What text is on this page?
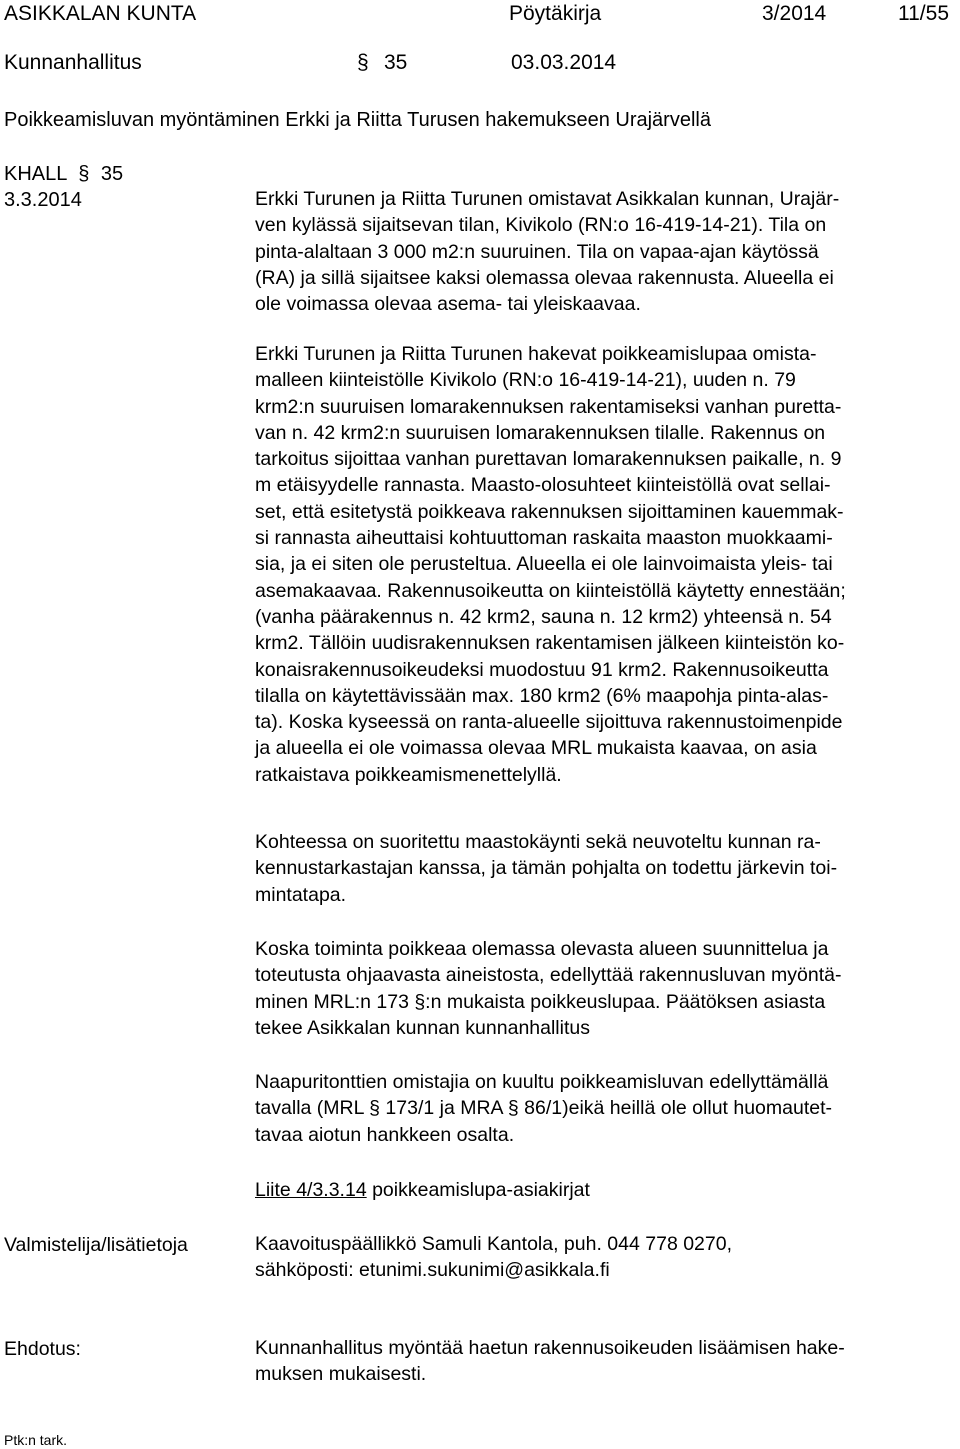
ASIKKALAN KUNTA	Pöytäkirja	3/2014	11/55
Kunnanhallitus	§ 35	03.03.2014
Poikkeamisluvan myöntäminen Erkki ja Riitta Turusen hakemukseen Urajärvellä
KHALL § 35
3.3.2014	Erkki Turunen ja Riitta Turunen omistavat Asikkalan kunnan, Urajär-
ven kylässä sijaitsevan tilan, Kivikolo (RN:o 16-419-14-21). Tila on
pinta-alaltaan 3 000 m2:n suuruinen. Tila on vapaa-ajan käytössä
(RA) ja sillä sijaitsee kaksi olemassa olevaa rakennusta. Alueella ei
ole voimassa olevaa asema- tai yleiskaavaa.
Erkki Turunen ja Riitta Turunen hakevat poikkeamislupaa omista-
malleen kiinteistölle Kivikolo (RN:o 16-419-14-21), uuden n. 79
krm2:n suuruisen lomarakennuksen rakentamiseksi vanhan puretta-
van n. 42 krm2:n suuruisen lomarakennuksen tilalle. Rakennus on
tarkoitus sijoittaa vanhan purettavan lomarakennuksen paikalle, n. 9
m etäisyydelle rannasta. Maasto-olosuhteet kiinteistöllä ovat sellai-
set, että esitetystä poikkeava rakennuksen sijoittaminen kauemmak-
si rannasta aiheuttaisi kohtuuttoman raskaita maaston muokkaami-
sia, ja ei siten ole perusteltua. Alueella ei ole lainvoimaista yleis- tai
asemakaavaa. Rakennusoikeutta on kiinteistöllä käytetty ennestään;
(vanha päärakennus n. 42 krm2, sauna n. 12 krm2) yhteensä n. 54
krm2. Tällöin uudisrakennuksen rakentamisen jälkeen kiinteistön ko-
konaisrakennusoikeudeksi muodostuu 91 krm2. Rakennusoikeutta
tilalla on käytettävissään max. 180 krm2 (6% maapohja pinta-alas-
ta). Koska kyseessä on ranta-alueelle sijoittuva rakennustoimenpide
ja alueella ei ole voimassa olevaa MRL mukaista kaavaa, on asia
ratkaistava poikkeamismenettelyllä.
Kohteessa on suoritettu maastokäynti sekä neuvoteltu kunnan ra-
kennustarkastajan kanssa, ja tämän pohjalta on todettu järkevin toi-
mintatapa.
Koska toiminta poikkeaa olemassa olevasta alueen suunnittelua ja
toteutusta ohjaavasta aineistosta, edellyttää rakennusluvan myöntä-
minen MRL:n 173 §:n mukaista poikkeuslupaa. Päätöksen asiasta
tekee Asikkalan kunnan kunnanhallitus
Naapuritonttien omistajia on kuultu poikkeamisluvan edellyttämällä
tavalla (MRL § 173/1 ja MRA § 86/1)eikä heillä ole ollut huomautet-
tavaa aiotun hankkeen osalta.
Liite 4/3.3.14 poikkeamislupa-asiakirjat
Valmistelija/lisätietoja	Kaavoituspäällikkö Samuli Kantola, puh. 044 778 0270,
sähköposti: etunimi.sukunimi@asikkala.fi
Ehdotus:	Kunnanhallitus myöntää haetun rakennusoikeuden lisäämisen hake-
muksen mukaisesti.
Ptk:n tark.
